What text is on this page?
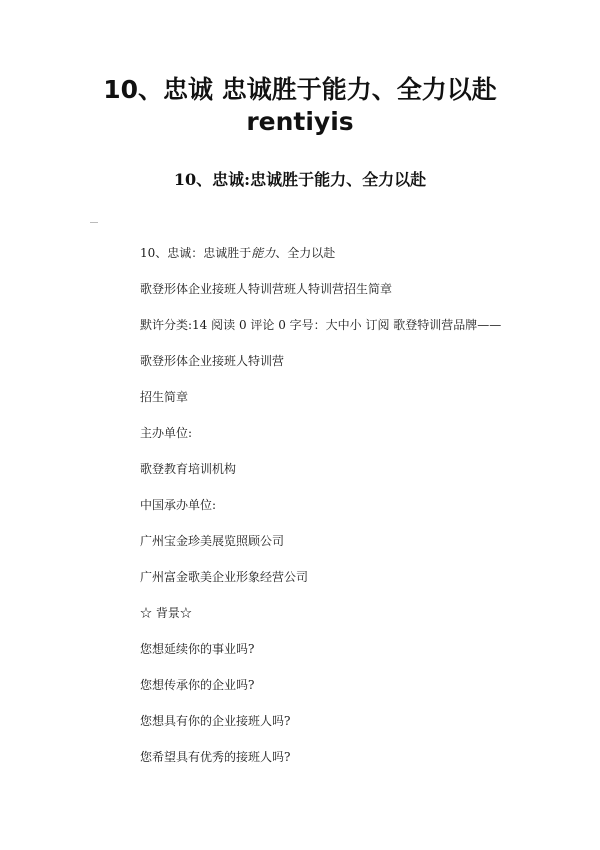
10、忠诚 忠诚胜于能力、全力以赴
rentiyis
10、忠诚:忠诚胜于能力、全力以赴
10、忠诚：忠诚胜于能力、全力以赴
歌登形体企业接班人特训营班人特训营招生简章
默许分类:14 阅读 0 评论 0 字号：大中小 订阅 歌登特训营品牌——
歌登形体企业接班人特训营
招生简章
主办单位:
歌登教育培训机构
中国承办单位:
广州宝金珍美展览照顾公司
广州富金歌美企业形象经营公司
☆ 背景☆
您想延续你的事业吗?
您想传承你的企业吗?
您想具有你的企业接班人吗?
您希望具有优秀的接班人吗?
